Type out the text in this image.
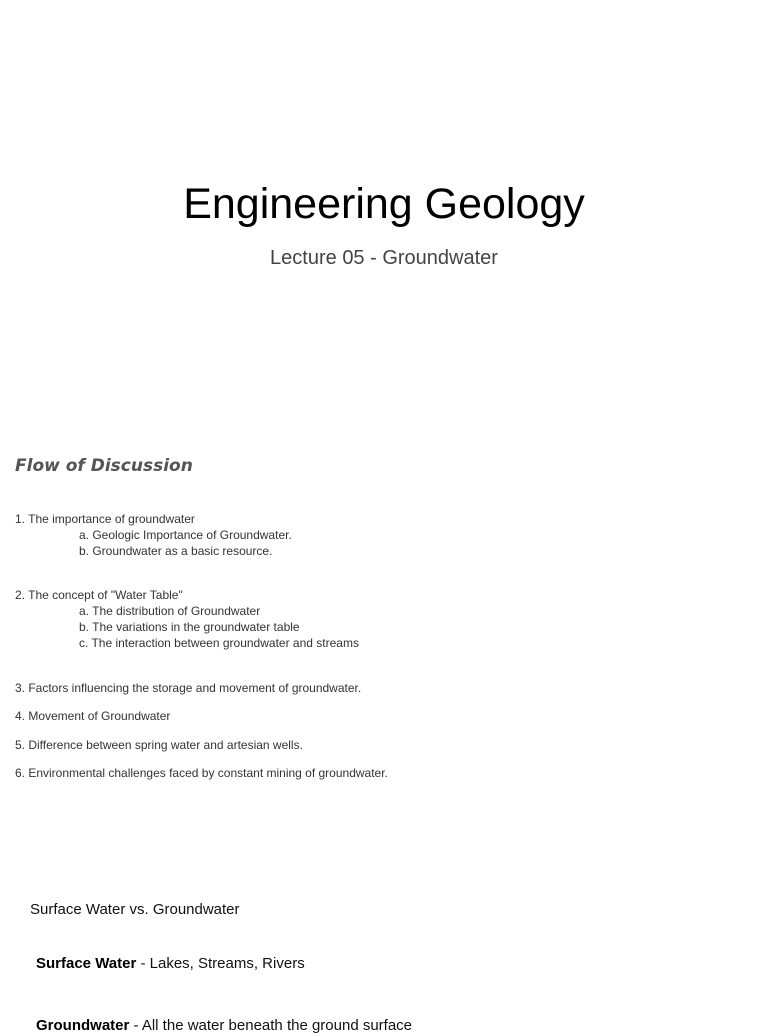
Engineering Geology
Lecture 05 - Groundwater
Flow of Discussion
1. The importance of groundwater
a. Geologic Importance of Groundwater.
b. Groundwater as a basic resource.
2. The concept of "Water Table"
a. The distribution of Groundwater
b. The variations in the groundwater table
c. The interaction between groundwater and streams
3. Factors influencing the storage and movement of groundwater.
4. Movement of Groundwater
5. Difference between spring water and artesian wells.
6. Environmental challenges faced by constant mining of groundwater.
Surface Water vs. Groundwater
Surface Water - Lakes, Streams, Rivers
Groundwater - All the water beneath the ground surface
